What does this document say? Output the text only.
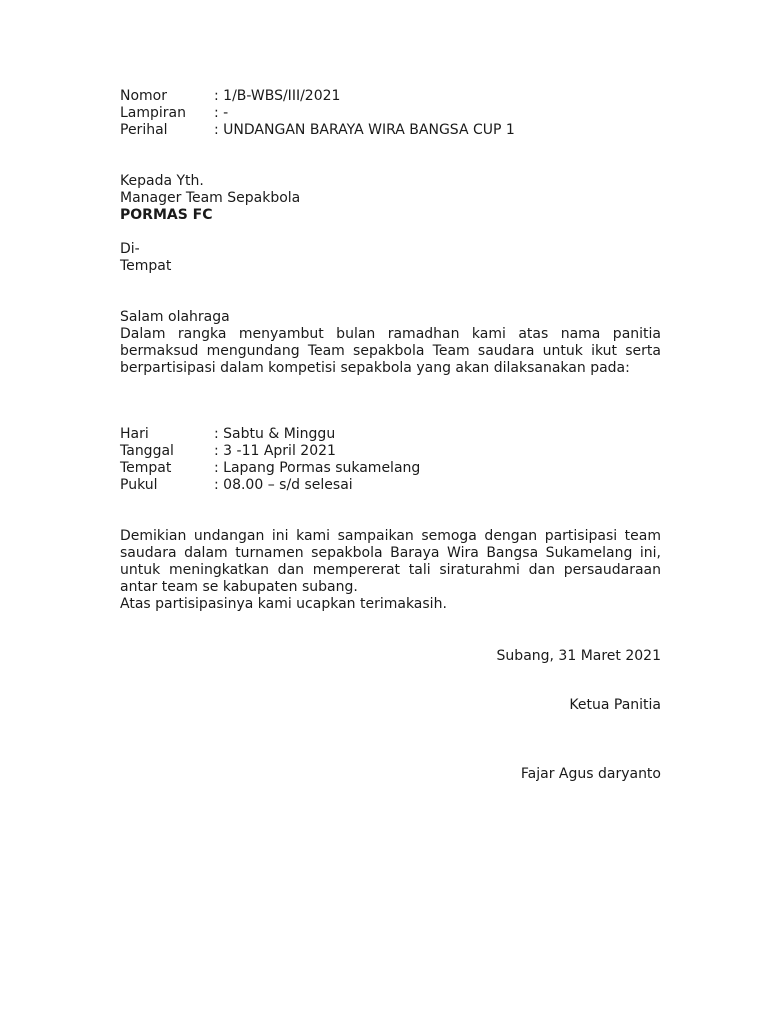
Nomor	: 1/B-WBS/III/2021
Lampiran	: -
Perihal	: UNDANGAN BARAYA WIRA BANGSA CUP 1
Kepada Yth.
Manager Team Sepakbola
PORMAS FC
Di-
Tempat
Salam olahraga
Dalam rangka menyambut bulan ramadhan kami atas nama panitia bermaksud mengundang Team sepakbola Team saudara untuk ikut serta berpartisipasi dalam kompetisi sepakbola yang akan dilaksanakan pada:
Hari	: Sabtu & Minggu
Tanggal	: 3 -11 April 2021
Tempat	: Lapang Pormas sukamelang
Pukul	: 08.00 – s/d selesai
Demikian undangan ini kami sampaikan semoga dengan partisipasi team saudara dalam turnamen sepakbola Baraya Wira Bangsa Sukamelang ini, untuk meningkatkan dan mempererat tali siraturahmi dan persaudaraan antar team se kabupaten subang.
Atas partisipasinya kami ucapkan terimakasih.
Subang, 31 Maret 2021
Ketua Panitia
Fajar Agus daryanto
